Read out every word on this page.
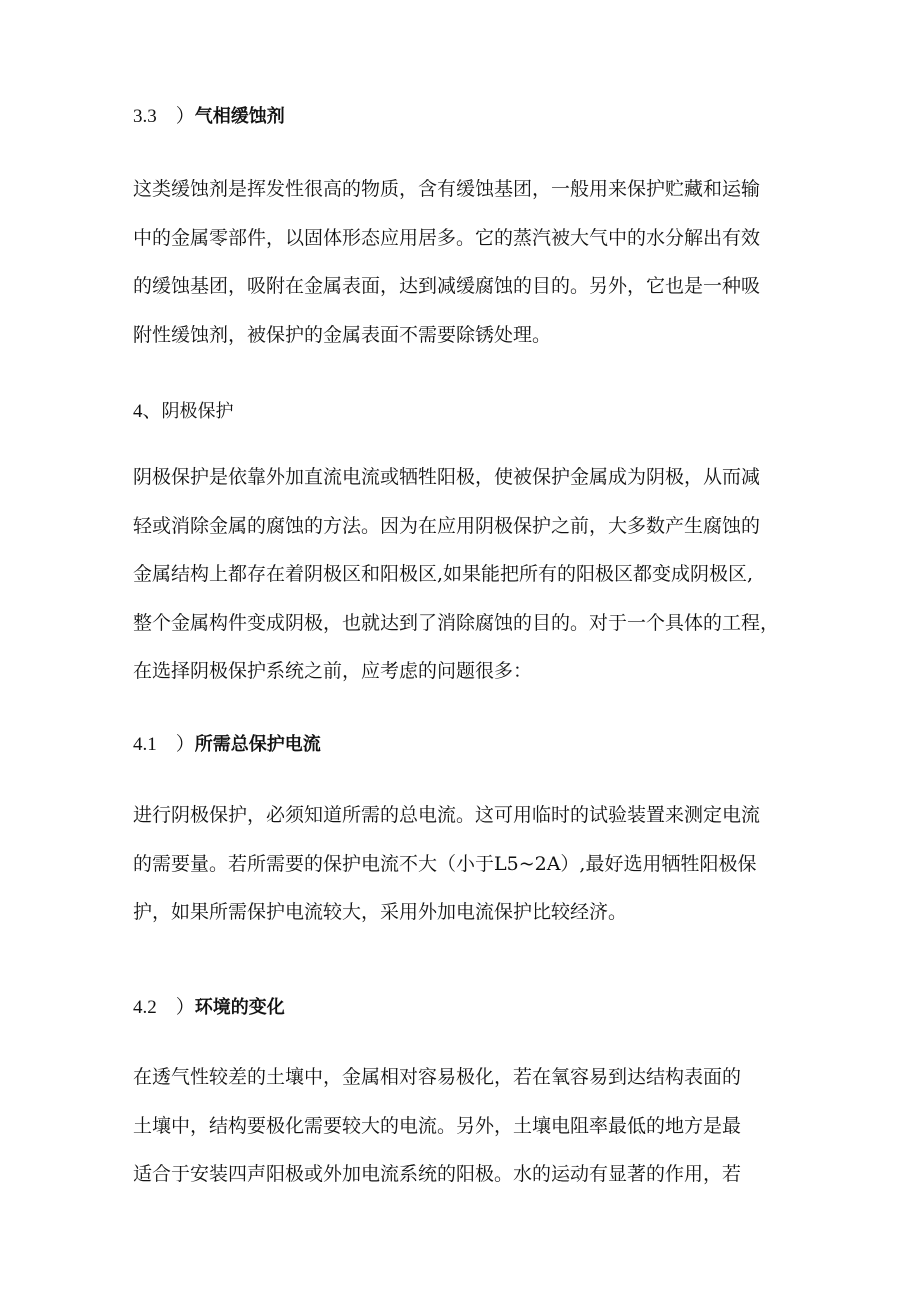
3.3　）气相缓蚀剂
这类缓蚀剂是挥发性很高的物质，含有缓蚀基团，一般用来保护贮藏和运输
中的金属零部件，以固体形态应用居多。它的蒸汽被大气中的水分解出有效
的缓蚀基团，吸附在金属表面，达到减缓腐蚀的目的。另外，它也是一种吸
附性缓蚀剂，被保护的金属表面不需要除锈处理。
4、阴极保护
阴极保护是依靠外加直流电流或牺牲阳极，使被保护金属成为阴极，从而减
轻或消除金属的腐蚀的方法。因为在应用阴极保护之前，大多数产生腐蚀的
金属结构上都存在着阴极区和阳极区,如果能把所有的阳极区都变成阴极区,
整个金属构件变成阴极，也就达到了消除腐蚀的目的。对于一个具体的工程，
在选择阴极保护系统之前，应考虑的问题很多：
4.1　）所需总保护电流
进行阴极保护，必须知道所需的总电流。这可用临时的试验装置来测定电流
的需要量。若所需要的保护电流不大（小于L5~2A）,最好选用牺牲阳极保
护，如果所需保护电流较大，采用外加电流保护比较经济。
4.2　）环境的变化
在透气性较差的土壤中，金属相对容易极化，若在氧容易到达结构表面的
土壤中，结构要极化需要较大的电流。另外，土壤电阻率最低的地方是最
适合于安装四声阳极或外加电流系统的阳极。水的运动有显著的作用，若
